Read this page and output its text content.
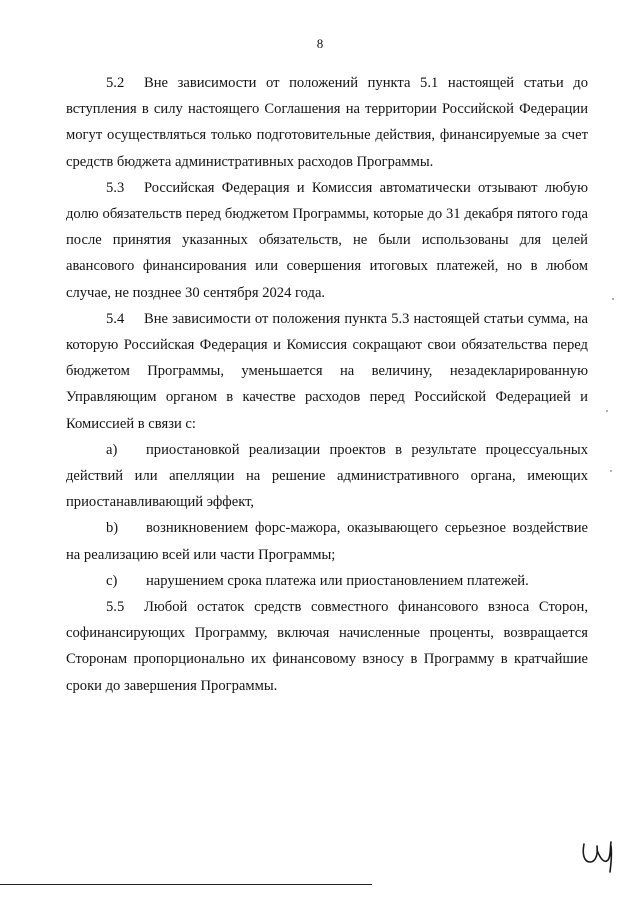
8

5.2 Вне зависимости от положений пункта 5.1 настоящей статьи до вступления в силу настоящего Соглашения на территории Российской Федерации могут осуществляться только подготовительные действия, финансируемые за счет средств бюджета административных расходов Программы.

5.3 Российская Федерация и Комиссия автоматически отзывают любую долю обязательств перед бюджетом Программы, которые до 31 декабря пятого года после принятия указанных обязательств, не были использованы для целей авансового финансирования или совершения итоговых платежей, но в любом случае, не позднее 30 сентября 2024 года.

5.4 Вне зависимости от положения пункта 5.3 настоящей статьи сумма, на которую Российская Федерация и Комиссия сокращают свои обязательства перед бюджетом Программы, уменьшается на величину, незадекларированную Управляющим органом в качестве расходов перед Российской Федерацией и Комиссией в связи с:

a) приостановкой реализации проектов в результате процессуальных действий или апелляции на решение административного органа, имеющих приостанавливающий эффект,

b) возникновением форс-мажора, оказывающего серьезное воздействие на реализацию всей или части Программы;

c) нарушением срока платежа или приостановлением платежей.

5.5 Любой остаток средств совместного финансового взноса Сторон, софинансирующих Программу, включая начисленные проценты, возвращается Сторонам пропорционально их финансовому взносу в Программу в кратчайшие сроки до завершения Программы.
